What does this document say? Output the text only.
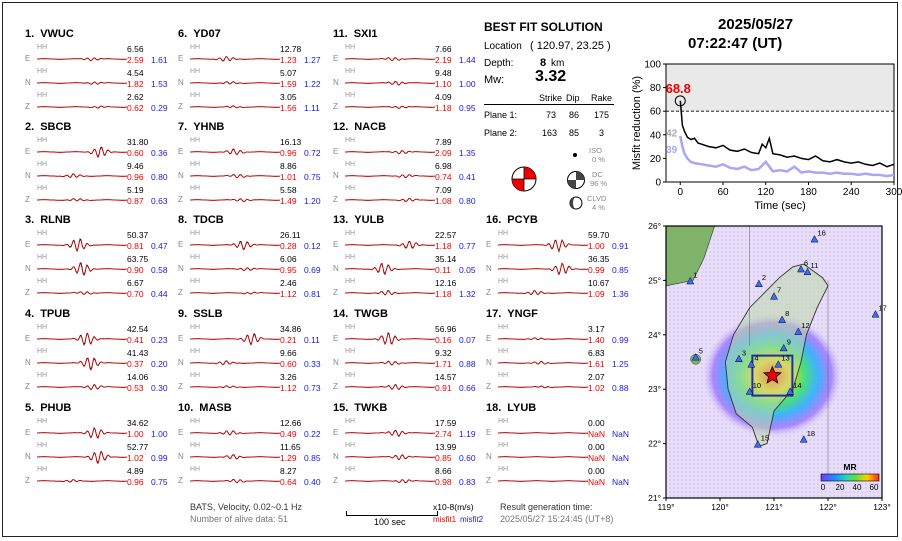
1. VWUC
E
HH	6.56
2.59 1.61
N
HH	4.54
1.82 1.53
Z
HH	2.62
0.62 0.29
2. SBCB
E
HH	31.80
0.60 0.36
N
HH	9.46
0.96 0.80
Z
HH	5.19
0.87 0.63
3. RLNB
E
HH	50.37
0.81 0.47
N
HH	63.75
0.90 0.58
Z
HH	6.67
0.70 0.44
4. TPUB
E
HH	42.54
0.41 0.23
N
HH	41.43
0.37 0.20
Z
HH	14.06
0.53 0.30
5. PHUB
E
HH	34.62
1.00 1.00
N
HH	52.77
1.02 0.99
Z
HH	4.89
0.96 0.75
6. YD07
E
HH	12.78
1.23 1.27
N
HH	5.07
1.59 1.22
Z
HH	3.05
1.56 1.11
7. YHNB
E
HH	16.13
0.96 0.72
N
HH	8.86
1.01 0.75
Z
HH	5.58
1.49 1.20
8. TDCB
E
HH	26.11
0.28 0.12
N
HH	6.06
0.95 0.69
Z
HH	2.46
1.12 0.81
9. SSLB
E
HH	34.86
0.21 0.11
N
HH	9.66
0.60 0.33
Z
HH	3.26
1.12 0.73
10. MASB
E
HH	12.66
0.49 0.22
N
HH	11.65
1.29 0.85
Z
HH	8.27
0.64 0.40
11. SXI1
E
HH	7.66
2.19 1.44
N
HH	9.48
1.10 1.00
Z
HH	4.09
1.18 0.95
12. NACB
E
HH	7.89
2.09 1.35
N
HH	6.98
0.74 0.41
Z
HH	7.09
1.08 0.80
13. YULB
E
HH	22.57
1.18 0.77
N
HH	35.14
0.11 0.05
Z
HH	12.16
1.18 1.32
14. TWGB
E
HH	56.96
0.16 0.07
N
HH	9.32
1.71 0.88
Z
HH	14.57
0.91 0.66
15. TWKB
E
HH	17.59
2.74 1.19
N
HH	13.99
0.85 0.60
Z
HH	8.66
0.98 0.83
16. PCYB
E
HH	59.70
1.00 0.91
N
HH	36.35
0.99 0.85
Z
HH	10.67
1.09 1.36
17. YNGF
E
HH	3.17
1.40 0.99
N
HH	6.83
1.61 1.25
Z
HH	2.07
1.02 0.88
18. LYUB
E
HH	0.00
NaN NaN
N
HH	0.00
NaN NaN
Z
HH	0.00
NaN NaN
BEST FIT SOLUTION
Location ( 120.97, 23.25 )
Depth: 8 km
Mw: 3.32
Strike Dip Rake
Plane 1:	73 86 175
Plane 2:	163 85 3
ISO
0 %
DC
96 %
CLVD
4 %
2025/05/27
07:22:47 (UT)
0
20
40
60
80
100
0	60	120	180	240	300
Time (sec)
Misfit reduction (%) 68.8
42
39
1	2
3
4
5
6
7
8
9
10
11
12
13
14
15
16
17
18
119°	120°	121°	122°	123°
26°
25°
24°
23°
22°
21°
MR
0 20 40 60
BATS, Velocity, 0.02~0.1 Hz
Number of alive data: 51	100 sec
x10-8(m/s)
misfit1 misfit2
Result generation time:
2025/05/27 15:24:45 (UT+8)
